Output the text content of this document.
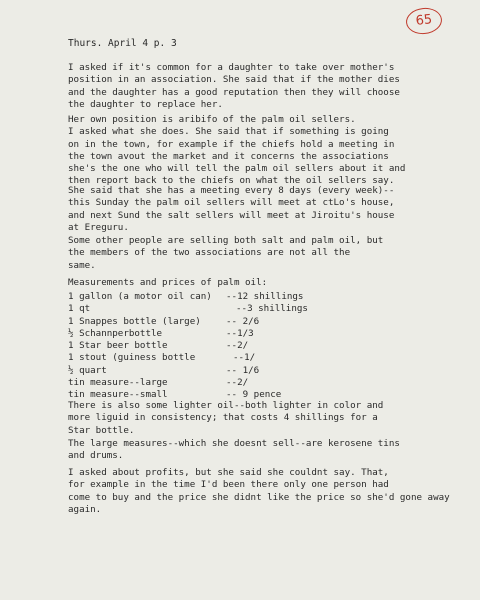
65
Thurs. April 4 p. 3
I asked if it's common for a daughter to take over mother's
position in an association. She said that if the mother dies
and the daughter has a good reputation then they will choose
the daughter to replace her.
Her own position is aribifo of the palm oil sellers.
I asked what she does. She said that if something is going
on in the town, for example if the chiefs hold a meeting in
the town avout the market and it concerns the associations
she's the one who will tell the palm oil sellers about it and
then report back to the chiefs on what the oil sellers say.
She said that she has a meeting every 8 days (every week)--
this Sunday the palm oil sellers will meet at ctLo's house,
and next Sund the salt sellers will meet at Jiroitu's house
at Ereguru.
Some other people are selling both salt and palm oil, but
the members of the two associations are not all the
same.
Measurements and prices of palm oil:
1 gallon (a motor oil can) --12 shillings
1 qt	--3 shillings
1 Snappes bottle (large)	-- 2/6
½ Schannperbottle	--1/3
1 Star beer bottle	--2/
1 stout (guiness bottle	--1/
½ quart	-- 1/6
tin measure--large	--2/
tin measure--small	-- 9 pence
There is also some lighter oil--both lighter in color and
more liguid in consistency; that costs 4 shillings for a
Star bottle.
The large measures--which she doesnt sell--are kerosene tins
and drums.
I asked about profits, but she said she couldnt say. That,
for example in the time I'd been there only one person had
come to buy and the price she didnt like the price so she'd gone away
again.
